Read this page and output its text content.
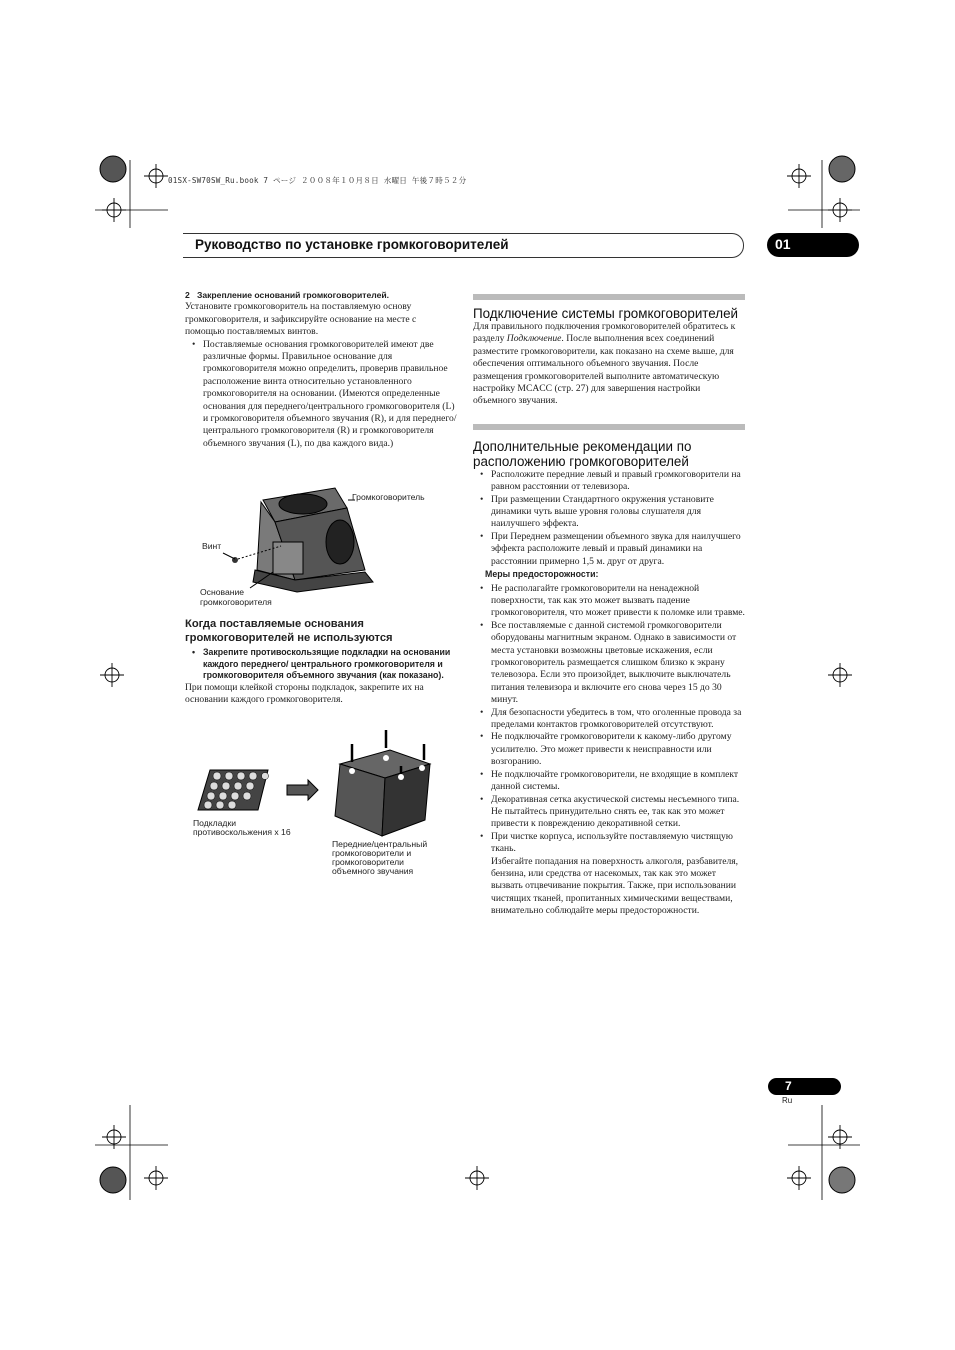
01SX-SW70SW_Ru.book 7 ページ ２００８年１０月８日 水曜日 午後７時５２分
Руководство по установке громкоговорителей	01

2 Закрепление оснований громкоговорителей.

Установите громкоговоритель на поставляемую основу громкоговорителя, и зафиксируйте основание на месте с помощью поставляемых винтов.

• Поставляемые основания громкоговорителей имеют две различные формы. Правильное основание для громкоговорителя можно определить, проверив правильное расположение винта относительно установленного громкоговорителя на основании. (Имеются определенные основания для переднего/центрального громкоговорителя (L) и громкоговорителя объемного звучания (R), и для переднего/центрального громкоговорителя (R) и громкоговорителя объемного звучания (L), по два каждого вида.)

Громкоговоритель
Винт
Основание
громкоговорителя

Когда поставляемые основания громкоговорителей не используются

• Закрепите противоскользящие подкладки на основании каждого переднего/ центрального громкоговорителя и громкоговорителя объемного звучания (как показано).

При помощи клейкой стороны подкладок, закрепите их на основании каждого громкоговорителя.

Подкладки
противоскольжения х 16
Передние/центральный
громкоговорители и
громкоговорители
объемного звучания

Подключение системы громкоговорителей

Для правильного подключения громкоговорителей обратитесь к разделу Подключение. После выполнения всех соединений разместите громкоговорители, как показано на схеме выше, для обеспечения оптимального объемного звучания. После размещения громкоговорителей выполните автоматическую настройку MCACC (стр. 27) для завершения настройки объемного звучания.

Дополнительные рекомендации по расположению громкоговорителей

• Расположите передние левый и правый громкоговорители на равном расстоянии от телевизора.

• При размещении Стандартного окружения установите динамики чуть выше уровня головы слушателя для наилучшего эффекта.

• При Переднем размещении объемного звука для наилучшего эффекта расположите левый и правый динамики на расстоянии примерно 1,5 м. друг от друга.

Меры предосторожности:

• Не располагайте громкоговорители на ненадежной поверхности, так как это может вызвать падение громкоговорителя, что может привести к поломке или травме.

• Все поставляемые с данной системой громкоговорители оборудованы магнитным экраном. Однако в зависимости от места установки возможны цветовые искажения, если громкоговоритель размещается слишком близко к экрану телевозора. Если это произойдет, выключите выключатель питания телевизора и включите его снова через 15 до 30 минут.

• Для безопасности убедитесь в том, что оголенные провода за пределами контактов громкоговорителей отсутствуют.

• Не подключайте громкоговорители к какому-либо другому усилителю. Это может привести к неисправности или возгоранию.

• Не подключайте громкоговорители, не входящие в комплект данной системы.

• Декоративная сетка акустической системы несъемного типа. Не пытайтесь принудительно снять ее, так как это может привести к повреждению декоративной сетки.

• При чистке корпуса, используйте поставляемую чистящую ткань.

Избегайте попадания на поверхность алкоголя, разбавителя, бензина, или средства от насекомых, так как это может вызвать отцвечивание покрытия. Также, при использовании чистящих тканей, пропитанных химическими веществами, внимательно соблюдайте меры предосторожности.

7
Ru
